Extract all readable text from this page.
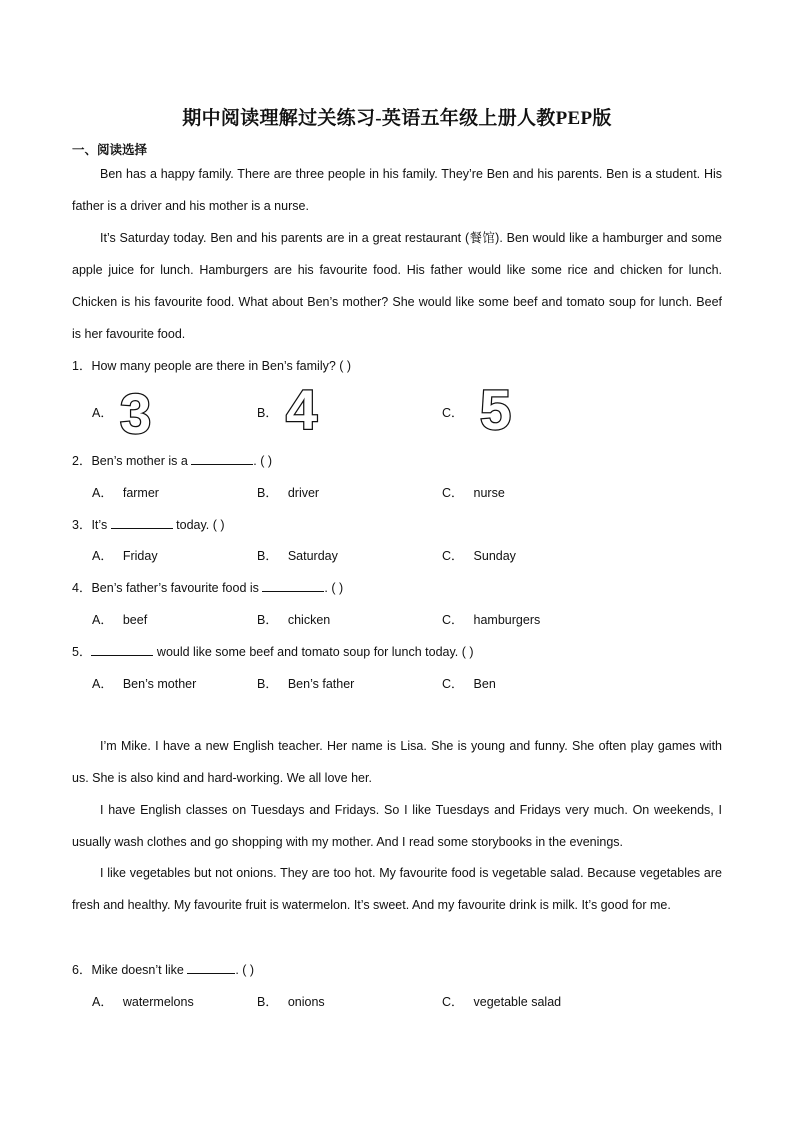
期中阅读理解过关练习-英语五年级上册人教PEP版
一、阅读选择

Ben has a happy family. There are three people in his family. They’re Ben and his parents. Ben is a student. His father is a driver and his mother is a nurse.

It’s Saturday today. Ben and his parents are in a great restaurant (餐馆). Ben would like a hamburger and some apple juice for lunch. Hamburgers are his favourite food. His father would like some rice and chicken for lunch. Chicken is his favourite food. What about Ben’s mother? She would like some beef and tomato soup for lunch. Beef is her favourite food.

1．How many people are there in Ben’s family? ( )
A．	B．	C．
3 4	5
2．Ben’s mother is a	. ( )
A． farmer	B． driver	C． nurse
3．It’s	today. ( )
A． Friday	B． Saturday	C． Sunday
4．Ben’s father’s favourite food is	. ( )
A． beef	B． chicken	C． hamburgers
5．	would like some beef and tomato soup for lunch today. ( )
A． Ben’s mother	B． Ben’s father	C． Ben

I’m Mike. I have a new English teacher. Her name is Lisa. She is young and funny. She often play games with us. She is also kind and hard-working. We all love her.

I have English classes on Tuesdays and Fridays. So I like Tuesdays and Fridays very much. On weekends, I usually wash clothes and go shopping with my mother. And I read some storybooks in the evenings.

I like vegetables but not onions. They are too hot. My favourite food is vegetable salad. Because vegetables are fresh and healthy. My favourite fruit is watermelon. It’s sweet. And my favourite drink is milk. It’s good for me.

6．Mike doesn’t like	. ( )
A． watermelons	B． onions	C． vegetable salad
